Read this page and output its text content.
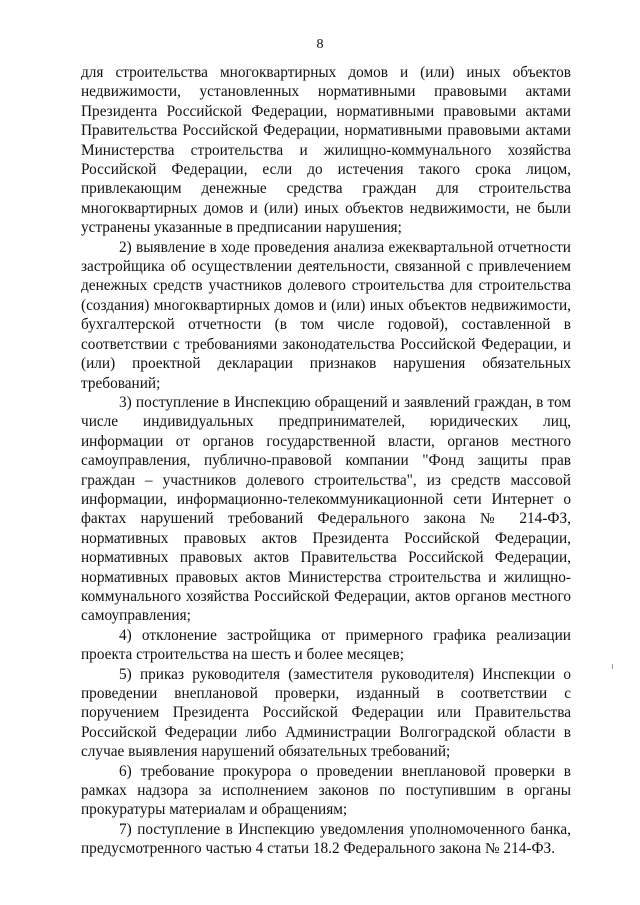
8

для строительства многоквартирных домов и (или) иных объектов недвижимости, установленных нормативными правовыми актами Президента Российской Федерации, нормативными правовыми актами Правительства Российской Федерации, нормативными правовыми актами Министерства строительства и жилищно-коммунального хозяйства Российской Федерации, если до истечения такого срока лицом, привлекающим денежные средства граждан для строительства многоквартирных домов и (или) иных объектов недвижимости, не были устранены указанные в предписании нарушения;

2) выявление в ходе проведения анализа ежеквартальной отчетности застройщика об осуществлении деятельности, связанной с привлечением денежных средств участников долевого строительства для строительства (создания) многоквартирных домов и (или) иных объектов недвижимости, бухгалтерской отчетности (в том числе годовой), составленной в соответствии с требованиями законодательства Российской Федерации, и (или) проектной декларации признаков нарушения обязательных требований;

3) поступление в Инспекцию обращений и заявлений граждан, в том числе индивидуальных предпринимателей, юридических лиц, информации от органов государственной власти, органов местного самоуправления, публично-правовой компании "Фонд защиты прав граждан – участников долевого строительства", из средств массовой информации, информационно-телекоммуникационной сети Интернет о фактах нарушений требований Федерального закона № 214-ФЗ, нормативных правовых актов Президента Российской Федерации, нормативных правовых актов Правительства Российской Федерации, нормативных правовых актов Министерства строительства и жилищно-коммунального хозяйства Российской Федерации, актов органов местного самоуправления;

4) отклонение застройщика от примерного графика реализации проекта строительства на шесть и более месяцев;

5) приказ руководителя (заместителя руководителя) Инспекции о проведении внеплановой проверки, изданный в соответствии с поручением Президента Российской Федерации или Правительства Российской Федерации либо Администрации Волгоградской области в случае выявления нарушений обязательных требований;

6) требование прокурора о проведении внеплановой проверки в рамках надзора за исполнением законов по поступившим в органы прокуратуры материалам и обращениям;

7) поступление в Инспекцию уведомления уполномоченного банка, предусмотренного частью 4 статьи 18.2 Федерального закона № 214-ФЗ.
